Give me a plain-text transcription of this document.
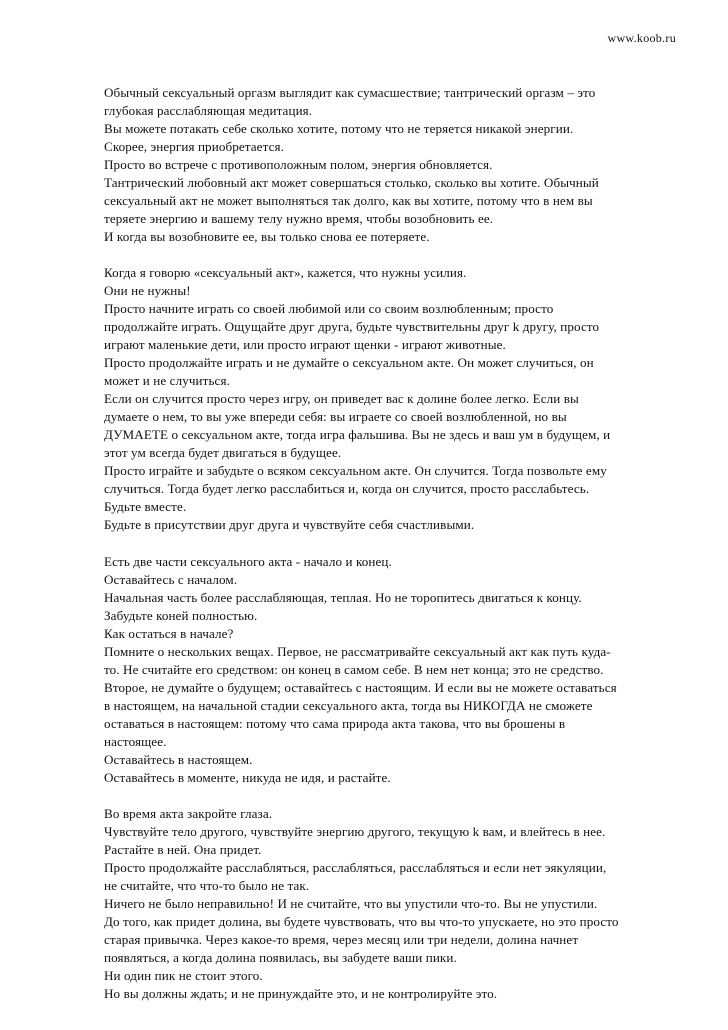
www.koob.ru
Обычный сексуальный оргазм выглядит как сумасшествие; тантрический оргазм – это
глубокая расслабляющая медитация.
Вы можете потакать себе сколько хотите, потому что не теряется никакой энергии.
Скорее, энергия приобретается.
Просто во встрече с противоположным полом, энергия обновляется.
Тантрический любовный акт может совершаться столько, сколько вы хотите. Обычный
сексуальный акт не может выполняться так долго, как вы хотите, потому что в нем вы
теряете энергию и вашему телу нужно время, чтобы возобновить ее.
И когда вы возобновите ее, вы только снова ее потеряете.
Когда я говорю «сексуальный акт», кажется, что нужны усилия.
Они не нужны!
Просто начните играть со своей любимой или со своим возлюбленным; просто
продолжайте играть. Ощущайте друг друга, будьте чувствительны друг k другу, просто
играют маленькие дети, или просто играют щенки - играют животные.
Просто продолжайте играть и не думайте о сексуальном акте. Он может случиться, он
может и не случиться.
Если он случится просто через игру, он приведет вас к долине более легко. Если вы
думаете о нем, то вы уже впереди себя: вы играете со своей возлюбленной, но вы
ДУМАЕТЕ о сексуальном акте, тогда игра фальшива. Вы не здесь и ваш ум в будущем, и
этот ум всегда будет двигаться в будущее.
Просто играйте и забудьте о всяком сексуальном акте. Он случится. Тогда позвольте ему
случиться. Тогда будет легко расслабиться и, когда он случится, просто расслабьтесь.
Будьте вместе.
Будьте в присутствии друг друга и чувствуйте себя счастливыми.
Есть две части сексуального акта - начало и конец.
Оставайтесь с началом.
Начальная часть более расслабляющая, теплая. Но не торопитесь двигаться к концу.
Забудьте коней полностью.
Как остаться в начале?
Помните о нескольких вещах. Первое, не рассматривайте сексуальный акт как путь куда-
то. Не считайте его средством: он конец в самом себе. В нем нет конца; это не средство.
Второе, не думайте о будущем; оставайтесь с настоящим. И если вы не можете оставаться
в настоящем, на начальной стадии сексуального акта, тогда вы НИКОГДА не сможете
оставаться в настоящем: потому что сама природа акта такова, что вы брошены в
настоящее.
Оставайтесь в настоящем.
Оставайтесь в моменте, никуда не идя, и растайте.
Во время акта закройте глаза.
Чувствуйте тело другого, чувствуйте энергию другого, текущую k вам, и влейтесь в нее.
Растайте в ней. Она придет.
Просто продолжайте расслабляться, расслабляться, расслабляться и если нет эякуляции,
не считайте, что что-то было не так.
Ничего не было неправильно! И не считайте, что вы упустили что-то. Вы не упустили.
До того, как придет долина, вы будете чувствовать, что вы что-то упускаете, но это просто
старая привычка. Через какое-то время, через месяц или три недели, долина начнет
появляться, а когда долина появилась, вы забудете ваши пики.
Ни один пик не стоит этого.
Но вы должны ждать; и не принуждайте это, и не контролируйте это.
